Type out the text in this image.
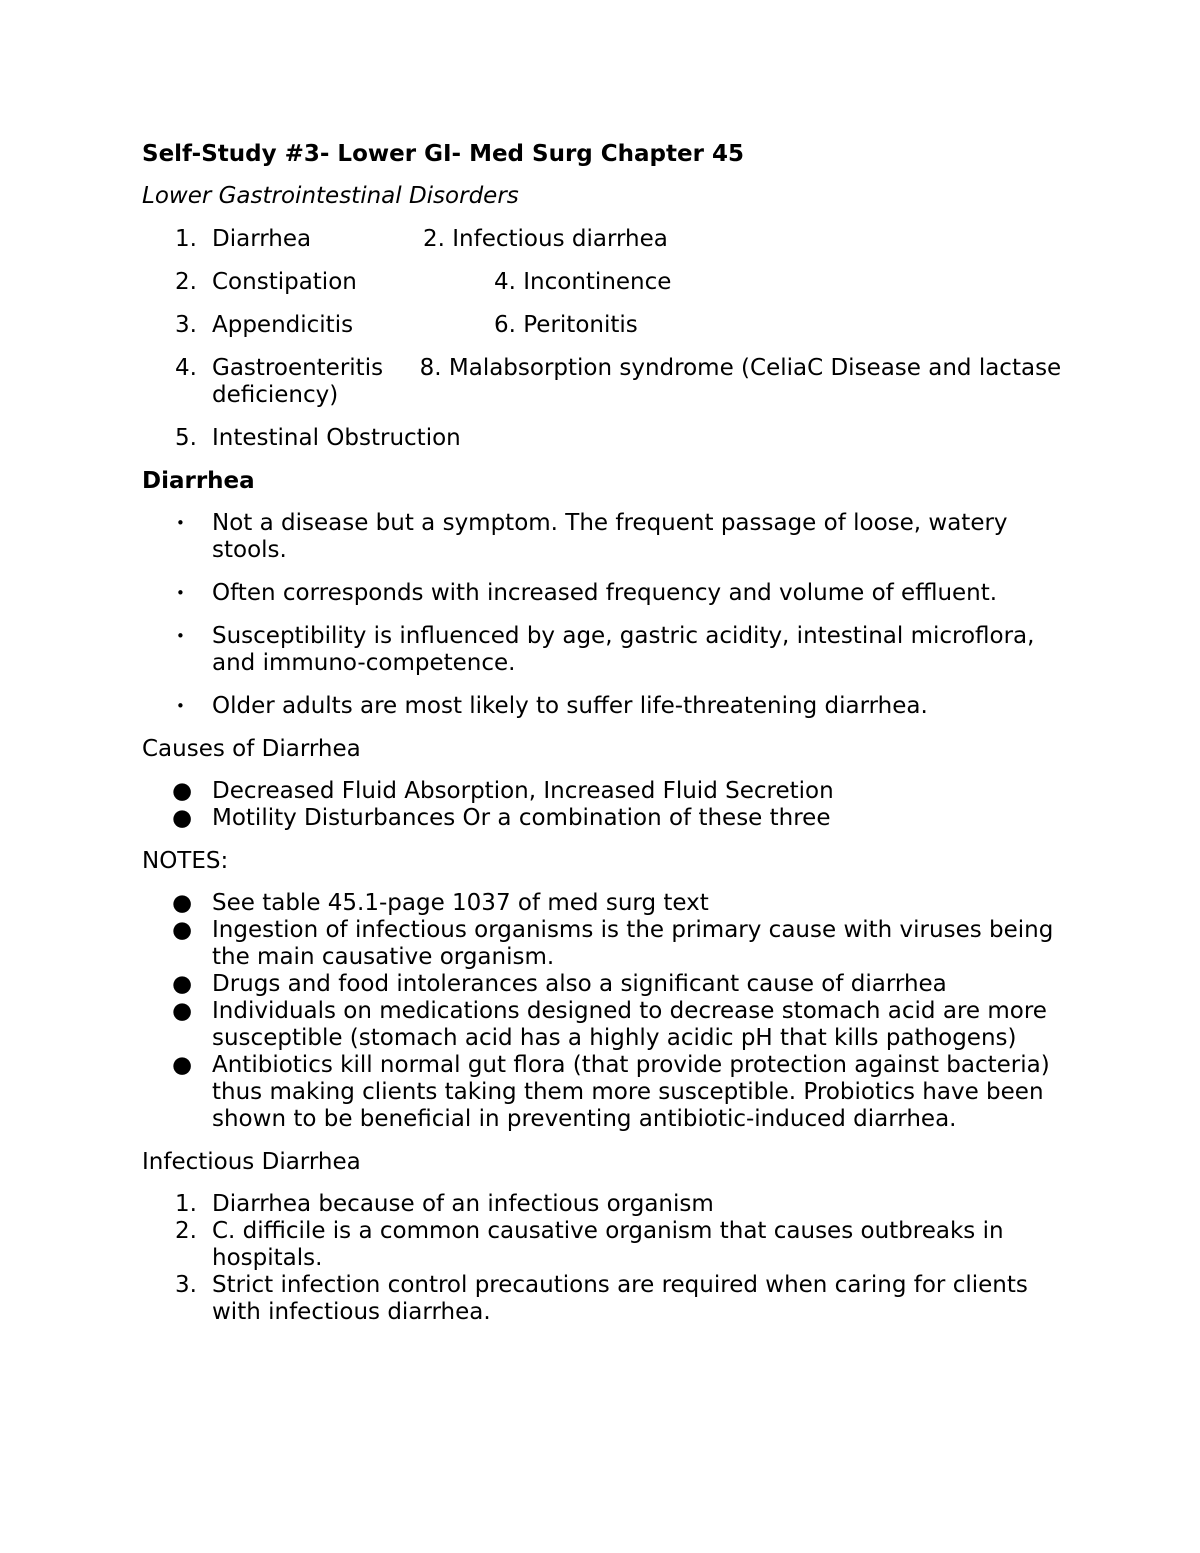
Self-Study #3- Lower GI- Med Surg Chapter 45
Lower Gastrointestinal Disorders
1. Diarrhea	2. Infectious diarrhea
2. Constipation	4. Incontinence
3. Appendicitis	6. Peritonitis
4. Gastroenteritis     8. Malabsorption syndrome (CeliaC Disease and lactase deficiency)
5. Intestinal Obstruction
Diarrhea
• Not a disease but a symptom. The frequent passage of loose, watery stools.
• Often corresponds with increased frequency and volume of effluent.
• Susceptibility is influenced by age, gastric acidity, intestinal microflora, and immuno-competence.
• Older adults are most likely to suffer life-threatening diarrhea.
Causes of Diarrhea
● Decreased Fluid Absorption, Increased Fluid Secretion
● Motility Disturbances Or a combination of these three
NOTES:
● See table 45.1-page 1037 of med surg text
● Ingestion of infectious organisms is the primary cause with viruses being the main causative organism.
● Drugs and food intolerances also a significant cause of diarrhea
● Individuals on medications designed to decrease stomach acid are more susceptible (stomach acid has a highly acidic pH that kills pathogens)
● Antibiotics kill normal gut flora (that provide protection against bacteria) thus making clients taking them more susceptible. Probiotics have been shown to be beneficial in preventing antibiotic-induced diarrhea.
Infectious Diarrhea
1. Diarrhea because of an infectious organism
2. C. difficile is a common causative organism that causes outbreaks in hospitals.
3. Strict infection control precautions are required when caring for clients with infectious diarrhea.
